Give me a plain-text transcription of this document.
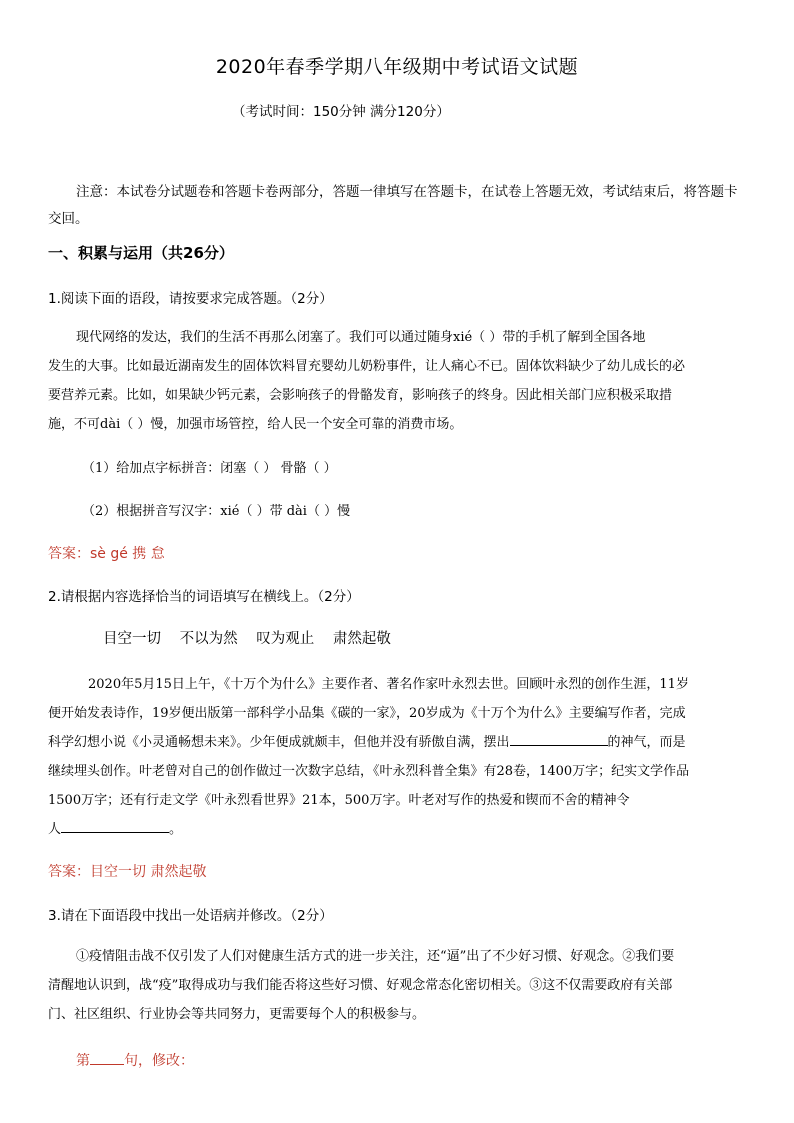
2020年春季学期八年级期中考试语文试题
（考试时间：150分钟 满分120分）
注意：本试卷分试题卷和答题卡卷两部分，答题一律填写在答题卡，在试卷上答题无效，考试结束后，将答题卡交回。
一、积累与运用（共26分）
1.阅读下面的语段，请按要求完成答题。（2分）
现代网络的发达，我们的生活不再那么闭塞了。我们可以通过随身xié（ ）带的手机了解到全国各地
发生的大事。比如最近湖南发生的固体饮料冒充婴幼儿奶粉事件，让人痛心不已。固体饮料缺少了幼儿成长的必
要营养元素。比如，如果缺少钙元素，会影响孩子的骨骼发育，影响孩子的终身。因此相关部门应积极采取措
施，不可dài（ ）慢，加强市场管控，给人民一个安全可靠的消费市场。
（1）给加点字标拼音：闭塞（ ） 骨骼（ ）
（2）根据拼音写汉字：xié（ ）带 dài（ ）慢
答案：sè gé 携 怠
2.请根据内容选择恰当的词语填写在横线上。（2分）
目空一切 不以为然 叹为观止 肃然起敬
2020年5月15日上午，《十万个为什么》主要作者、著名作家叶永烈去世。回顾叶永烈的创作生涯，11岁
便开始发表诗作，19岁便出版第一部科学小品集《碳的一家》，20岁成为《十万个为什么》主要编写作者，完成
科学幻想小说《小灵通畅想未来》。少年便成就颇丰，但他并没有骄傲自满，摆出	的神气，而是
继续埋头创作。叶老曾对自己的创作做过一次数字总结，《叶永烈科普全集》有28卷，1400万字；纪实文学作品
1500万字；还有行走文学《叶永烈看世界》21本，500万字。叶老对写作的热爱和锲而不舍的精神令
人	。
答案：目空一切 肃然起敬
3.请在下面语段中找出一处语病并修改。（2分）
①疫情阻击战不仅引发了人们对健康生活方式的进一步关注，还“逼”出了不少好习惯、好观念。②我们要
清醒地认识到，战“疫”取得成功与我们能否将这些好习惯、好观念常态化密切相关。③这不仅需要政府有关部
门、社区组织、行业协会等共同努力，更需要每个人的积极参与。
第 句，修改：
